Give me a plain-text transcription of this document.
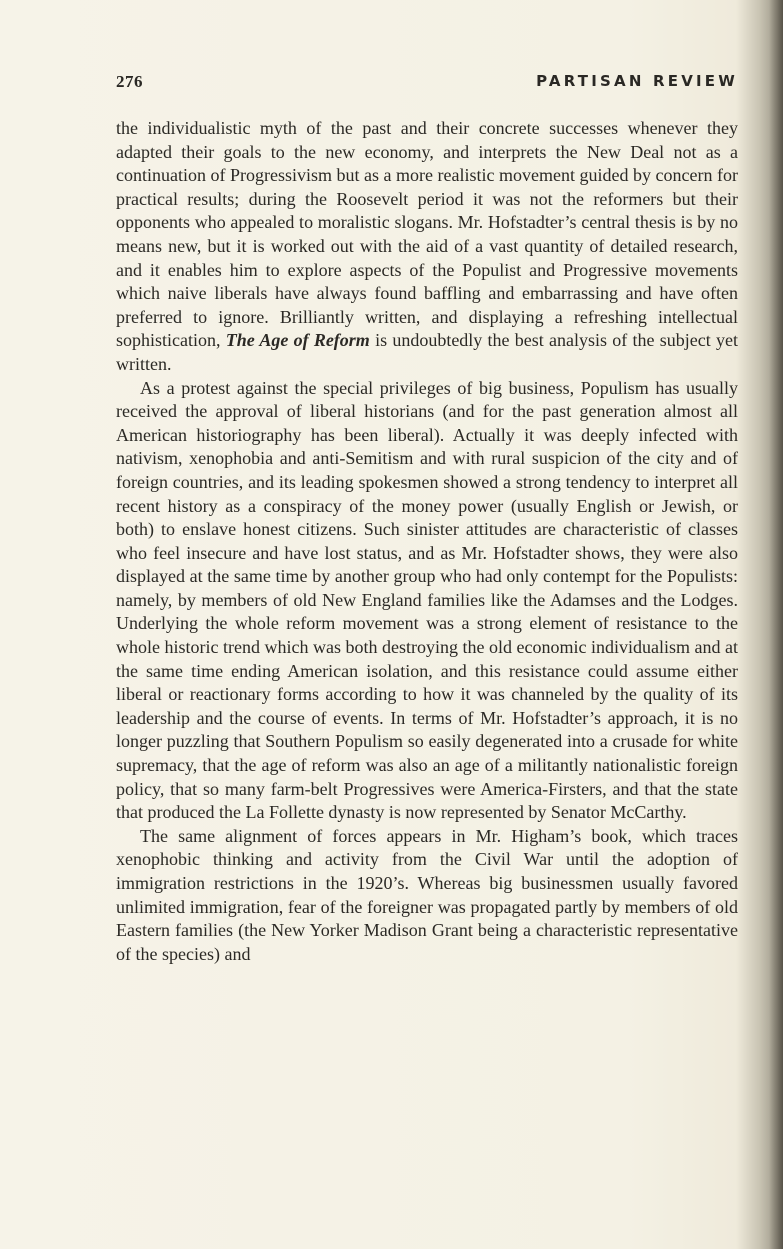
276	PARTISAN REVIEW

the individualistic myth of the past and their concrete successes whenever they adapted their goals to the new economy, and interprets the New Deal not as a continuation of Progressivism but as a more realistic movement guided by concern for practical results; during the Roosevelt period it was not the reformers but their opponents who appealed to moralistic slogans. Mr. Hofstadter’s central thesis is by no means new, but it is worked out with the aid of a vast quantity of detailed research, and it enables him to explore aspects of the Populist and Progressive movements which naive liberals have always found baffling and embarrassing and have often preferred to ignore. Brilliantly written, and displaying a refreshing intellectual sophistication, The Age of Reform is undoubtedly the best analysis of the subject yet written.

As a protest against the special privileges of big business, Populism has usually received the approval of liberal historians (and for the past generation almost all American historiography has been liberal). Actually it was deeply infected with nativism, xenophobia and anti-Semitism and with rural suspicion of the city and of foreign countries, and its leading spokesmen showed a strong tendency to interpret all recent history as a conspiracy of the money power (usually English or Jewish, or both) to enslave honest citizens. Such sinister attitudes are characteristic of classes who feel insecure and have lost status, and as Mr. Hofstadter shows, they were also displayed at the same time by another group who had only contempt for the Populists: namely, by members of old New England families like the Adamses and the Lodges. Underlying the whole reform movement was a strong element of resistance to the whole historic trend which was both destroying the old economic individualism and at the same time ending American isolation, and this resistance could assume either liberal or reactionary forms according to how it was channeled by the quality of its leadership and the course of events. In terms of Mr. Hofstadter’s approach, it is no longer puzzling that Southern Populism so easily degenerated into a crusade for white supremacy, that the age of reform was also an age of a militantly nationalistic foreign policy, that so many farm-belt Progressives were America-Firsters, and that the state that produced the La Follette dynasty is now represented by Senator McCarthy.

The same alignment of forces appears in Mr. Higham’s book, which traces xenophobic thinking and activity from the Civil War until the adoption of immigration restrictions in the 1920’s. Whereas big businessmen usually favored unlimited immigration, fear of the foreigner was propagated partly by members of old Eastern families (the New Yorker Madison Grant being a characteristic representative of the species) and
